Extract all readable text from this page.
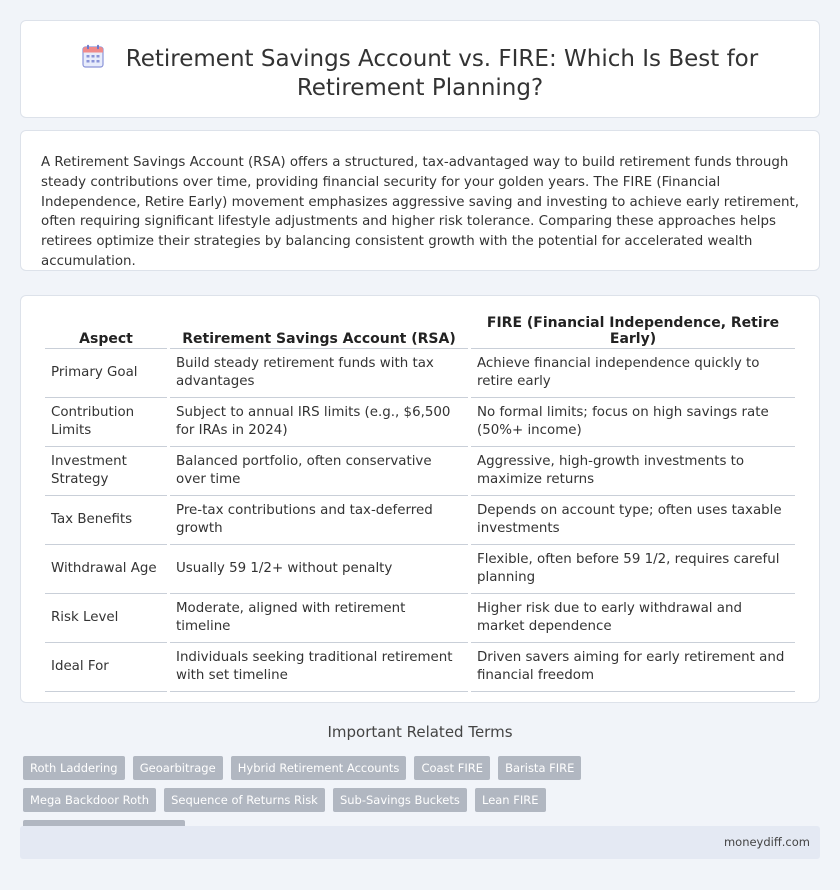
Retirement Savings Account vs. FIRE: Which Is Best for Retirement Planning?

A Retirement Savings Account (RSA) offers a structured, tax-advantaged way to build retirement funds through steady contributions over time, providing financial security for your golden years. The FIRE (Financial Independence, Retire Early) movement emphasizes aggressive saving and investing to achieve early retirement, often requiring significant lifestyle adjustments and higher risk tolerance. Comparing these approaches helps retirees optimize their strategies by balancing consistent growth with the potential for accelerated wealth accumulation.

Aspect	Retirement Savings Account (RSA)	FIRE (Financial Independence, Retire Early)
Primary Goal	Build steady retirement funds with tax advantages	Achieve financial independence quickly to retire early
Contribution Limits	Subject to annual IRS limits (e.g., $6,500 for IRAs in 2024)	No formal limits; focus on high savings rate (50%+ income)
Investment Strategy	Balanced portfolio, often conservative over time	Aggressive, high-growth investments to maximize returns
Tax Benefits	Pre-tax contributions and tax-deferred growth	Depends on account type; often uses taxable investments
Withdrawal Age	Usually 59 1/2+ without penalty	Flexible, often before 59 1/2, requires careful planning
Risk Level	Moderate, aligned with retirement timeline	Higher risk due to early withdrawal and market dependence
Ideal For	Individuals seeking traditional retirement with set timeline	Driven savers aiming for early retirement and financial freedom
Important Related Terms
Roth Laddering Geoarbitrage Hybrid Retirement Accounts Coast FIRE Barista FIRE Mega Backdoor Roth Sequence of Returns Risk Sub-Savings Buckets Lean FIRE
moneydiff.com
